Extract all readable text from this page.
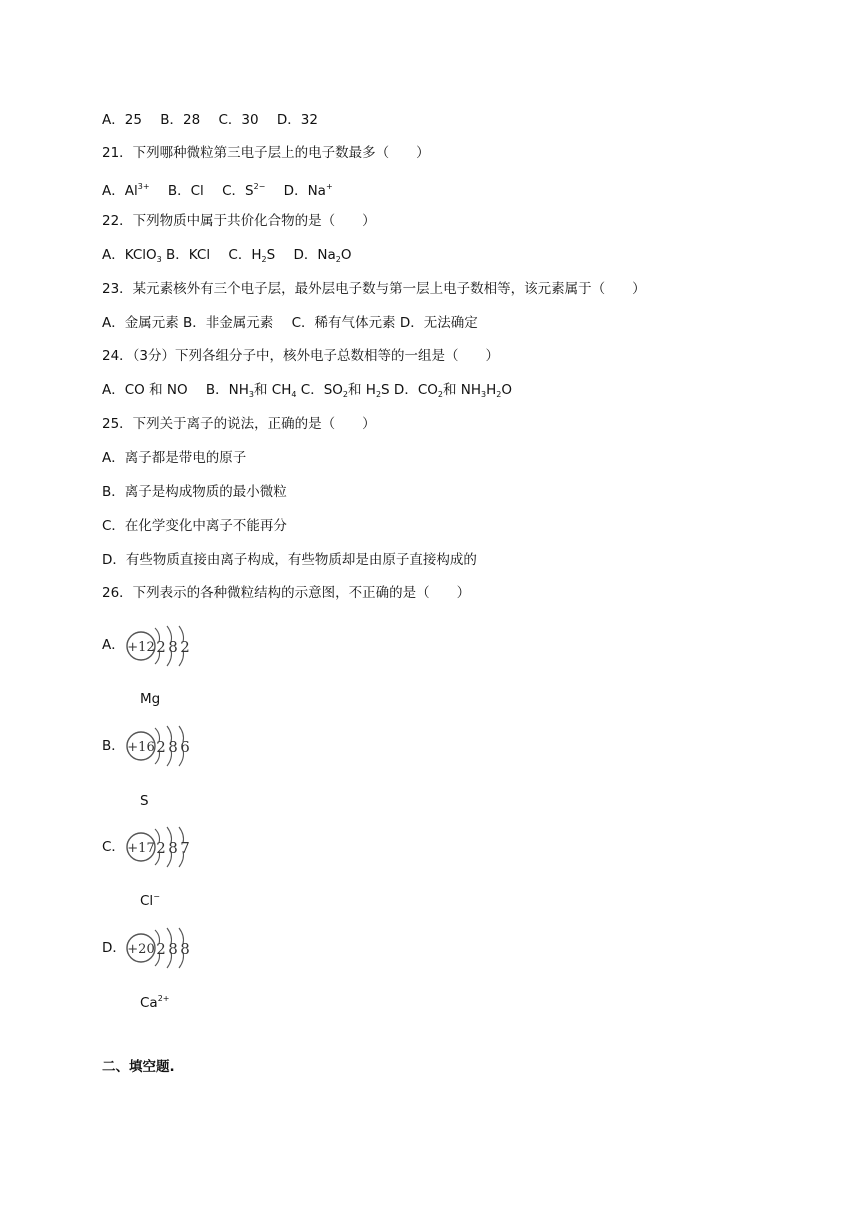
A．25 B．28 C．30 D．32
21．下列哪种微粒第三电子层上的电子数最多（　　）
A．$Al^{3+}$ B．Cl C．$S^{2-}$ D．Na+
22．下列物质中属于共价化合物的是（　　）
A．KClO$_3$ B．KCl C．$H_2S$ D．$Na_2O$
23．某元素核外有三个电子层，最外层电子数与第一层上电子数相等，该元素属于（　　）
A．金属元素 B．非金属元素 C．稀有气体元素 D．无法确定
24．（3分）下列各组分子中，核外电子总数相等的一组是（　　）
A．CO 和 NO B．$NH_3$和 $CH_4$ C．$SO_2$和 $H_2S$ D．$CO_2$和 $NH_3H_2O$
25．下列关于离子的说法，正确的是（　　）
A．离子都是带电的原子
B．离子是构成物质的最小微粒
C．在化学变化中离子不能再分
D．有些物质直接由离子构成，有些物质却是由原子直接构成的
26．下列表示的各种微粒结构的示意图，不正确的是（　　）
A． +12 2 8 2
Mg
B． +16 2 8 6
S
C． +17 2 8 7
Cl−
D． +20 2 8 8
$Ca^{2+}$
二、填空题.
